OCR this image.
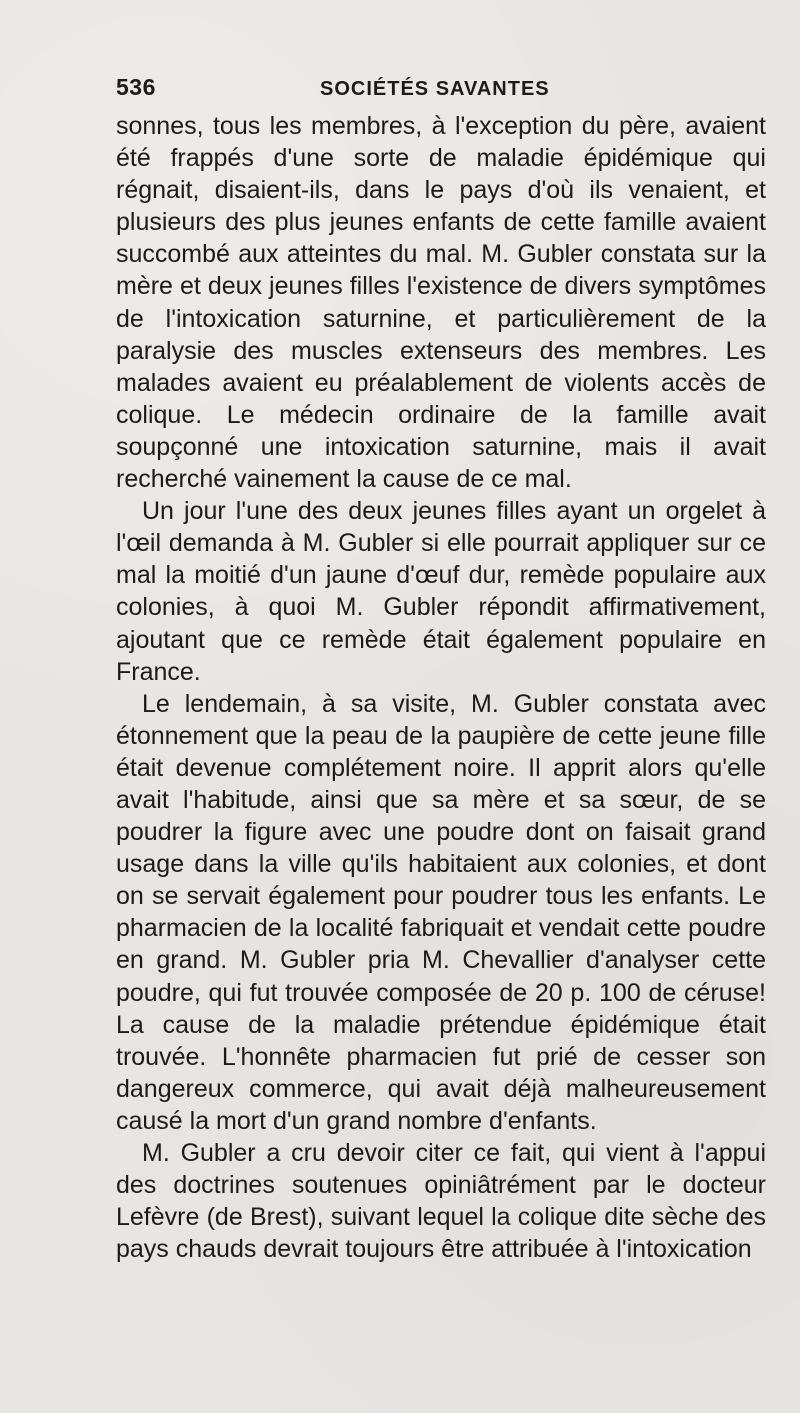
536	SOCIÉTÉS SAVANTES

sonnes, tous les membres, à l'exception du père, avaient été frappés d'une sorte de maladie épidémique qui régnait, disaient-ils, dans le pays d'où ils venaient, et plusieurs des plus jeunes enfants de cette famille avaient succombé aux atteintes du mal. M. Gubler constata sur la mère et deux jeunes filles l'existence de divers symptômes de l'intoxication saturnine, et particulièrement de la paralysie des muscles extenseurs des membres. Les malades avaient eu préalablement de violents accès de colique. Le médecin ordinaire de la famille avait soupçonné une intoxication saturnine, mais il avait recherché vainement la cause de ce mal.

Un jour l'une des deux jeunes filles ayant un orgelet à l'œil demanda à M. Gubler si elle pourrait appliquer sur ce mal la moitié d'un jaune d'œuf dur, remède populaire aux colonies, à quoi M. Gubler répondit affirmativement, ajoutant que ce remède était également populaire en France.

Le lendemain, à sa visite, M. Gubler constata avec étonnement que la peau de la paupière de cette jeune fille était devenue complétement noire. Il apprit alors qu'elle avait l'habitude, ainsi que sa mère et sa sœur, de se poudrer la figure avec une poudre dont on faisait grand usage dans la ville qu'ils habitaient aux colonies, et dont on se servait également pour poudrer tous les enfants. Le pharmacien de la localité fabriquait et vendait cette poudre en grand. M. Gubler pria M. Chevallier d'analyser cette poudre, qui fut trouvée composée de 20 p. 100 de céruse! La cause de la maladie prétendue épidémique était trouvée. L'honnête pharmacien fut prié de cesser son dangereux commerce, qui avait déjà malheureusement causé la mort d'un grand nombre d'enfants.

M. Gubler a cru devoir citer ce fait, qui vient à l'appui des doctrines soutenues opiniâtrément par le docteur Lefèvre (de Brest), suivant lequel la colique dite sèche des pays chauds devrait toujours être attribuée à l'intoxication
